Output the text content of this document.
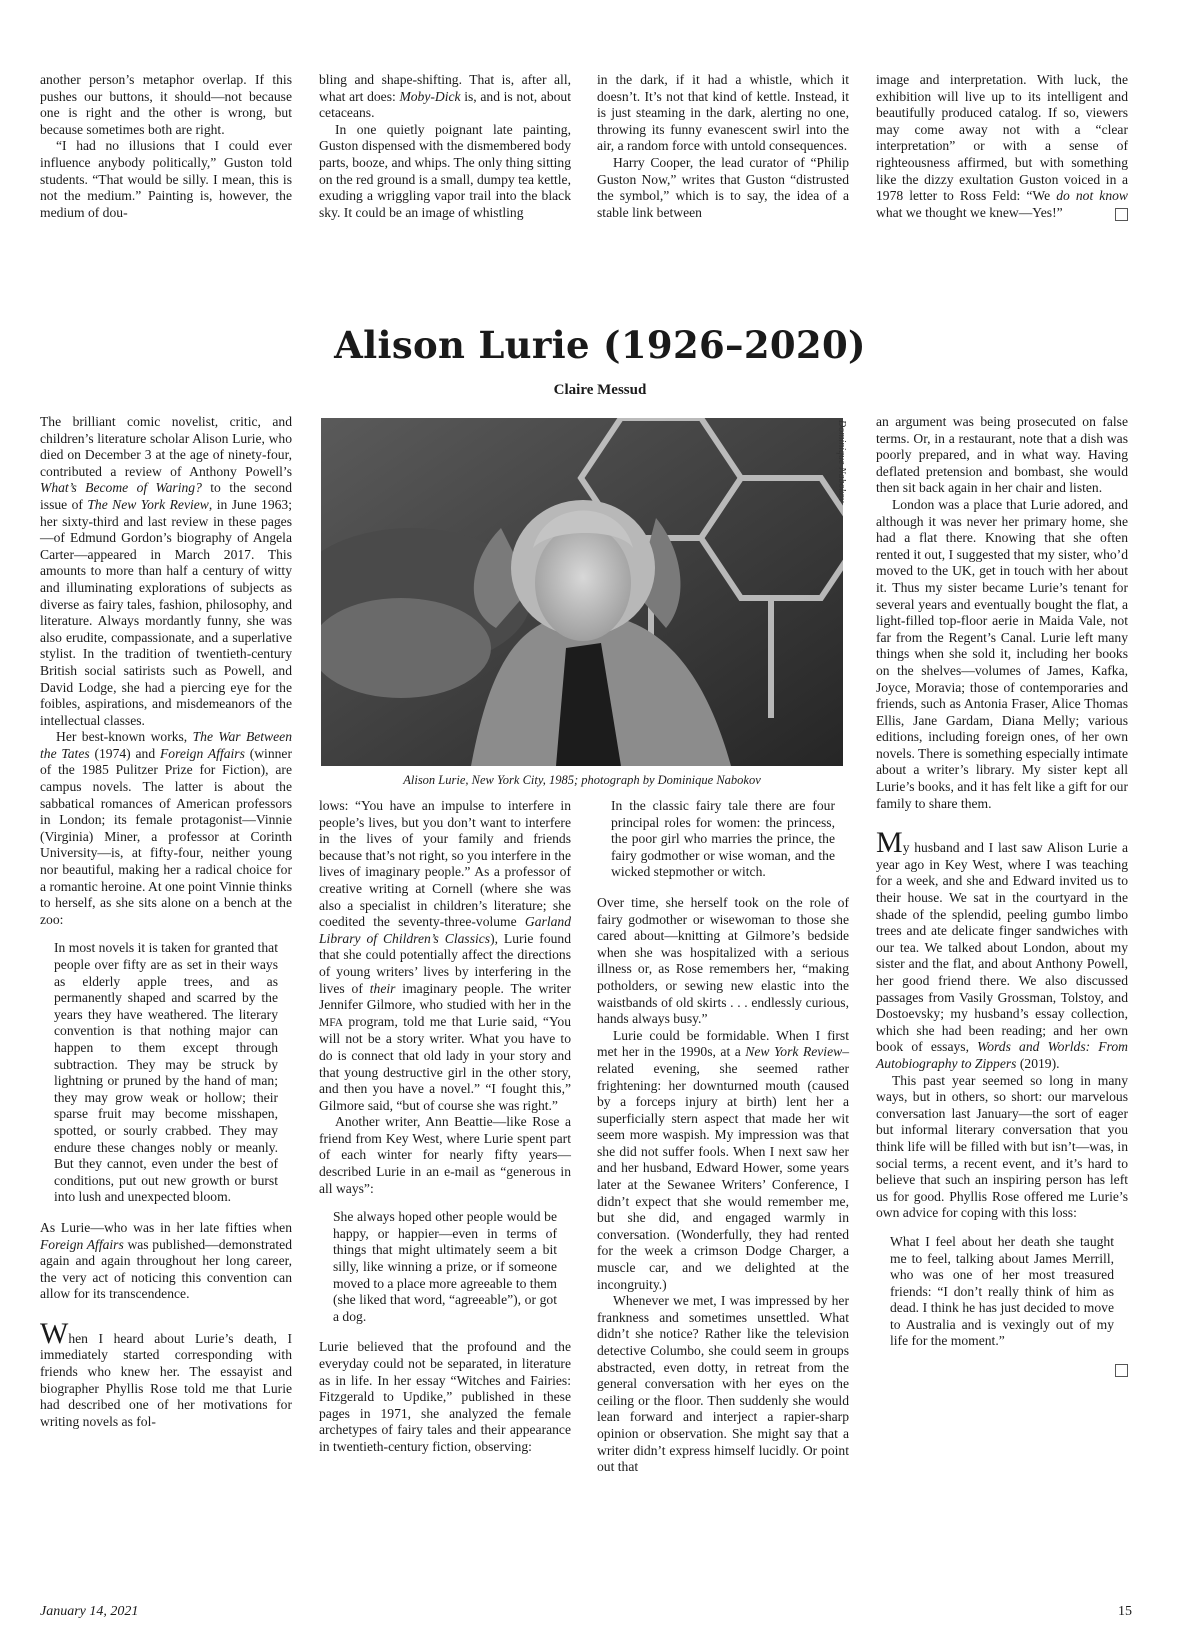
another person’s metaphor overlap. If this pushes our buttons, it should—not because one is right and the other is wrong, but because sometimes both are right.

“I had no illusions that I could ever influence anybody politically,” Guston told students. “That would be silly. I mean, this is not the medium.” Painting is, however, the medium of dou-

bling and shape-shifting. That is, after all, what art does: Moby-Dick is, and is not, about cetaceans.

In one quietly poignant late painting, Guston dispensed with the dismembered body parts, booze, and whips. The only thing sitting on the red ground is a small, dumpy tea kettle, exuding a wriggling vapor trail into the black sky. It could be an image of whistling

in the dark, if it had a whistle, which it doesn’t. It’s not that kind of kettle. Instead, it is just steaming in the dark, alerting no one, throwing its funny evanescent swirl into the air, a random force with untold consequences.

Harry Cooper, the lead curator of “Philip Guston Now,” writes that Guston “distrusted the symbol,” which is to say, the idea of a stable link between

image and interpretation. With luck, the exhibition will live up to its intelligent and beautifully produced catalog. If so, viewers may come away not with a “clear interpretation” or with a sense of righteousness affirmed, but with something like the dizzy exultation Guston voiced in a 1978 letter to Ross Feld: “We do not know what we thought we knew—Yes!”

Alison Lurie (1926–2020)
Claire Messud
Dominique Nabokov
Alison Lurie, New York City, 1985; photograph by Dominique Nabokov

The brilliant comic novelist, critic, and children’s literature scholar Alison Lurie, who died on December 3 at the age of ninety-four, contributed a review of Anthony Powell’s What’s Become of Waring? to the second issue of The New York Review, in June 1963; her sixty-third and last review in these pages—of Edmund Gordon’s biography of Angela Carter—appeared in March 2017. This amounts to more than half a century of witty and illuminating explorations of subjects as diverse as fairy tales, fashion, philosophy, and literature. Always mordantly funny, she was also erudite, compassionate, and a superlative stylist. In the tradition of twentieth-century British social satirists such as Powell, and David Lodge, she had a piercing eye for the foibles, aspirations, and misdemeanors of the intellectual classes.

Her best-known works, The War Between the Tates (1974) and Foreign Affairs (winner of the 1985 Pulitzer Prize for Fiction), are campus novels. The latter is about the sabbatical romances of American professors in London; its female protagonist—Vinnie (Virginia) Miner, a professor at Corinth University—is, at fifty-four, neither young nor beautiful, making her a radical choice for a romantic heroine. At one point Vinnie thinks to herself, as she sits alone on a bench at the zoo:

In most novels it is taken for granted that people over fifty are as set in their ways as elderly apple trees, and as permanently shaped and scarred by the years they have weathered. The literary convention is that nothing major can happen to them except through subtraction. They may be struck by lightning or pruned by the hand of man; they may grow weak or hollow; their sparse fruit may become misshapen, spotted, or sourly crabbed. They may endure these changes nobly or meanly. But they cannot, even under the best of conditions, put out new growth or burst into lush and unexpected bloom.

As Lurie—who was in her late fifties when Foreign Affairs was published—demonstrated again and again throughout her long career, the very act of noticing this convention can allow for its transcendence.

When I heard about Lurie’s death, I immediately started corresponding with friends who knew her. The essayist and biographer Phyllis Rose told me that Lurie had described one of her motivations for writing novels as fol-

lows: “You have an impulse to interfere in people’s lives, but you don’t want to interfere in the lives of your family and friends because that’s not right, so you interfere in the lives of imaginary people.” As a professor of creative writing at Cornell (where she was also a specialist in children’s literature; she coedited the seventy-three-volume Garland Library of Children’s Classics), Lurie found that she could potentially affect the directions of young writers’ lives by interfering in the lives of their imaginary people. The writer Jennifer Gilmore, who studied with her in the MFA program, told me that Lurie said, “You will not be a story writer. What you have to do is connect that old lady in your story and that young destructive girl in the other story, and then you have a novel.” “I fought this,” Gilmore said, “but of course she was right.”

Another writer, Ann Beattie—like Rose a friend from Key West, where Lurie spent part of each winter for nearly fifty years—described Lurie in an e-mail as “generous in all ways”:

She always hoped other people would be happy, or happier—even in terms of things that might ultimately seem a bit silly, like winning a prize, or if someone moved to a place more agreeable to them (she liked that word, “agreeable”), or got a dog.

Lurie believed that the profound and the everyday could not be separated, in literature as in life. In her essay “Witches and Fairies: Fitzgerald to Updike,” published in these pages in 1971, she analyzed the female archetypes of fairy tales and their appearance in twentieth-century fiction, observing:

In the classic fairy tale there are four principal roles for women: the princess, the poor girl who marries the prince, the fairy godmother or wise woman, and the wicked stepmother or witch.

Over time, she herself took on the role of fairy godmother or wisewoman to those she cared about—knitting at Gilmore’s bedside when she was hospitalized with a serious illness or, as Rose remembers her, “making potholders, or sewing new elastic into the waistbands of old skirts . . . endlessly curious, hands always busy.”

Lurie could be formidable. When I first met her in the 1990s, at a New York Review–related evening, she seemed rather frightening: her downturned mouth (caused by a forceps injury at birth) lent her a superficially stern aspect that made her wit seem more waspish. My impression was that she did not suffer fools. When I next saw her and her husband, Edward Hower, some years later at the Sewanee Writers’ Conference, I didn’t expect that she would remember me, but she did, and engaged warmly in conversation. (Wonderfully, they had rented for the week a crimson Dodge Charger, a muscle car, and we delighted at the incongruity.)

Whenever we met, I was impressed by her frankness and sometimes unsettled. What didn’t she notice? Rather like the television detective Columbo, she could seem in groups abstracted, even dotty, in retreat from the general conversation with her eyes on the ceiling or the floor. Then suddenly she would lean forward and interject a rapier-sharp opinion or observation. She might say that a writer didn’t express himself lucidly. Or point out that

an argument was being prosecuted on false terms. Or, in a restaurant, note that a dish was poorly prepared, and in what way. Having deflated pretension and bombast, she would then sit back again in her chair and listen.

London was a place that Lurie adored, and although it was never her primary home, she had a flat there. Knowing that she often rented it out, I suggested that my sister, who’d moved to the UK, get in touch with her about it. Thus my sister became Lurie’s tenant for several years and eventually bought the flat, a light-filled top-floor aerie in Maida Vale, not far from the Regent’s Canal. Lurie left many things when she sold it, including her books on the shelves—volumes of James, Kafka, Joyce, Moravia; those of contemporaries and friends, such as Antonia Fraser, Alice Thomas Ellis, Jane Gardam, Diana Melly; various editions, including foreign ones, of her own novels. There is something especially intimate about a writer’s library. My sister kept all Lurie’s books, and it has felt like a gift for our family to share them.

My husband and I last saw Alison Lurie a year ago in Key West, where I was teaching for a week, and she and Edward invited us to their house. We sat in the courtyard in the shade of the splendid, peeling gumbo limbo trees and ate delicate finger sandwiches with our tea. We talked about London, about my sister and the flat, and about Anthony Powell, her good friend there. We also discussed passages from Vasily Grossman, Tolstoy, and Dostoevsky; my husband’s essay collection, which she had been reading; and her own book of essays, Words and Worlds: From Autobiography to Zippers (2019).

This past year seemed so long in many ways, but in others, so short: our marvelous conversation last January—the sort of eager but informal literary conversation that you think life will be filled with but isn’t—was, in social terms, a recent event, and it’s hard to believe that such an inspiring person has left us for good. Phyllis Rose offered me Lurie’s own advice for coping with this loss:

What I feel about her death she taught me to feel, talking about James Merrill, who was one of her most treasured friends: “I don’t really think of him as dead. I think he has just decided to move to Australia and is vexingly out of my life for the moment.”

January 14, 2021	15
